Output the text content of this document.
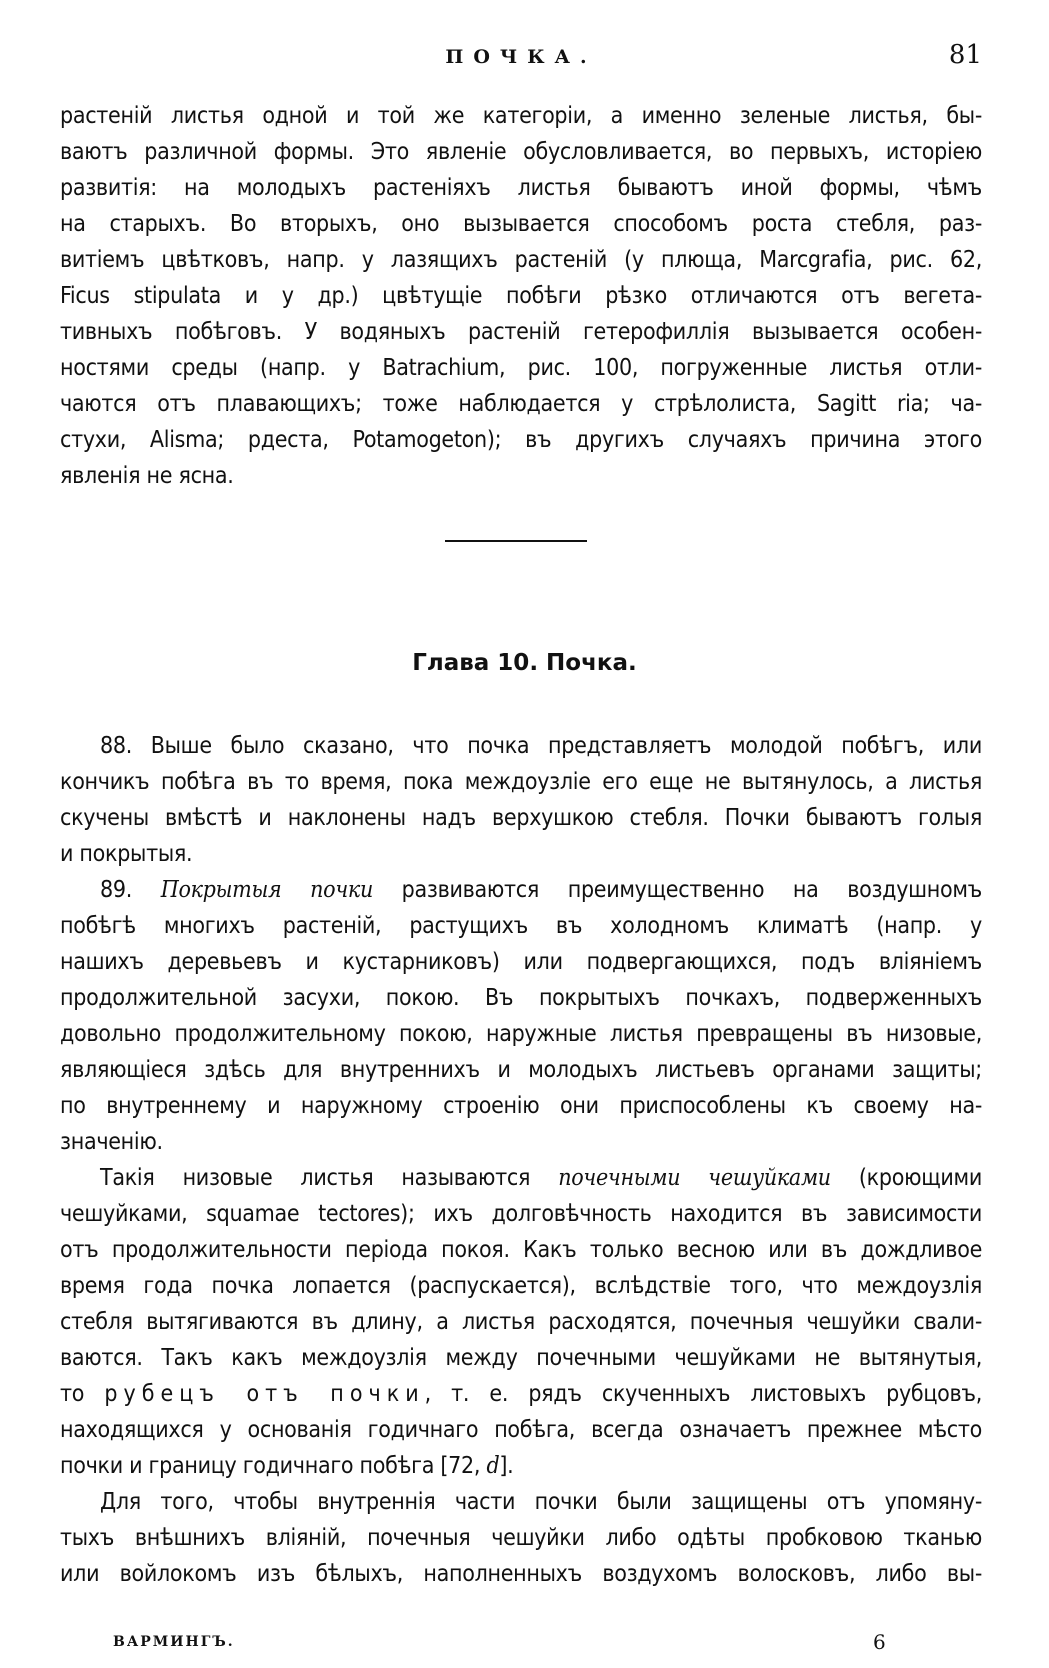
ПОЧКА.	81
растеній листья одной и той же категоріи, а именно зеленые листья, бы-
ваютъ различной формы. Это явленіе обусловливается, во первыхъ, исторіею
развитія: на молодыхъ растеніяхъ листья бываютъ иной формы, чѣмъ
на старыхъ. Во вторыхъ, оно вызывается способомъ роста стебля, раз-
витіемъ цвѣтковъ, напр. у лазящихъ растеній (у плюща, Marcgrafia, рис. 62,
Ficus stipulata и у др.) цвѣтущіе побѣги рѣзко отличаются отъ вегета-
тивныхъ побѣговъ. У водяныхъ растеній гетерофиллія вызывается особен-
ностями среды (напр. у Batrachium, рис. 100, погруженные листья отли-
чаются отъ плавающихъ; тоже наблюдается у стрѣлолиста, Sagitt ria; ча-
стухи, Alisma; рдеста, Potamogeton); въ другихъ случаяхъ причина этого
явленія не ясна.
Глава 10. Почка.
88. Выше было сказано, что почка представляетъ молодой побѣгъ, или
кончикъ побѣга въ то время, пока междоузліе его еще не вытянулось, а листья
скучены вмѣстѣ и наклонены надъ верхушкою стебля. Почки бываютъ голыя
и покрытыя.
89. Покрытыя почки развиваются преимущественно на воздушномъ
побѣгѣ многихъ растеній, растущихъ въ холодномъ климатѣ (напр. у
нашихъ деревьевъ и кустарниковъ) или подвергающихся, подъ вліяніемъ
продолжительной засухи, покою. Въ покрытыхъ почкахъ, подверженныхъ
довольно продолжительному покою, наружные листья превращены въ низовые,
являющіеся здѣсь для внутреннихъ и молодыхъ листьевъ органами защиты;
по внутреннему и наружному строенію они приспособлены къ своему на-
значенію.
Такія низовые листья называются почечными чешуйками (кроющими
чешуйками, squamae tectores); ихъ долговѣчность находится въ зависимости
отъ продолжительности періода покоя. Какъ только весною или въ дождливое
время года почка лопается (распускается), вслѣдствіе того, что междоузлія
стебля вытягиваются въ длину, а листья расходятся, почечныя чешуйки свали-
ваются. Такъ какъ междоузлія между почечными чешуйками не вытянутыя,
то рубецъ отъ почки, т. е. рядъ скученныхъ листовыхъ рубцовъ,
находящихся у основанія годичнаго побѣга, всегда означаетъ прежнее мѣсто
почки и границу годичнаго побѣга [72, d].
Для того, чтобы внутреннія части почки были защищены отъ упомяну-
тыхъ внѣшнихъ вліяній, почечныя чешуйки либо одѣты пробковою тканью
или войлокомъ изъ бѣлыхъ, наполненныхъ воздухомъ волосковъ, либо вы-
ВАРМИНГЪ.	6
